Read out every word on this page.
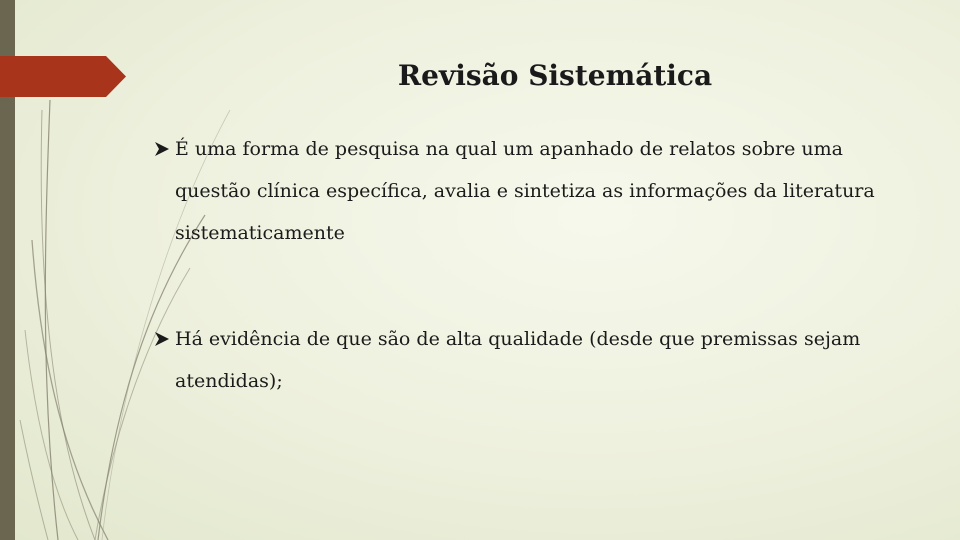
Revisão Sistemática
É uma forma de pesquisa na qual um apanhado de relatos sobre uma questão clínica específica, avalia e sintetiza as informações da literatura sistematicamente
Há evidência de que são de alta qualidade (desde que premissas sejam atendidas);
